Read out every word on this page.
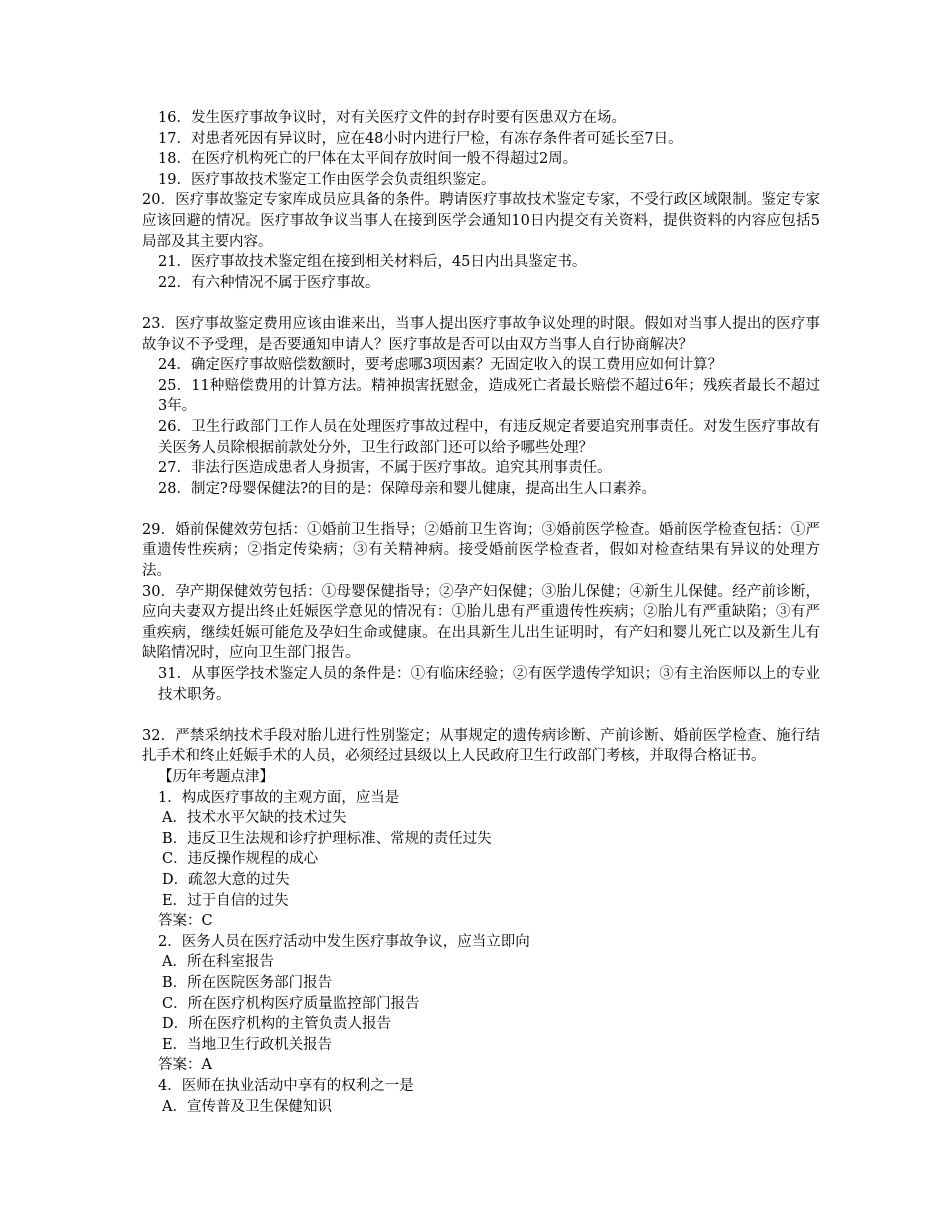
16．发生医疗事故争议时，对有关医疗文件的封存时要有医患双方在场。

17．对患者死因有异议时，应在48小时内进行尸检，有冻存条件者可延长至7日。

18．在医疗机构死亡的尸体在太平间存放时间一般不得超过2周。

19．医疗事故技术鉴定工作由医学会负责组织鉴定。

20．医疗事故鉴定专家库成员应具备的条件。聘请医疗事故技术鉴定专家，不受行政区域限制。鉴定专家应该回避的情况。医疗事故争议当事人在接到医学会通知10日内提交有关资料，提供资料的内容应包括5局部及其主要内容。

21．医疗事故技术鉴定组在接到相关材料后，45日内出具鉴定书。

22．有六种情况不属于医疗事故。

23．医疗事故鉴定费用应该由谁来出，当事人提出医疗事故争议处理的时限。假如对当事人提出的医疗事故争议不予受理，是否要通知申请人？医疗事故是否可以由双方当事人自行协商解决？

24．确定医疗事故赔偿数额时，要考虑哪3项因素？无固定收入的误工费用应如何计算？

25．11种赔偿费用的计算方法。精神损害抚慰金，造成死亡者最长赔偿不超过6年；残疾者最长不超过3年。

26．卫生行政部门工作人员在处理医疗事故过程中，有违反规定者要追究刑事责任。对发生医疗事故有关医务人员除根据前款处分外，卫生行政部门还可以给予哪些处理？

27．非法行医造成患者人身损害，不属于医疗事故。追究其刑事责任。

28．制定?母婴保健法?的目的是：保障母亲和婴儿健康，提高出生人口素养。

29．婚前保健效劳包括：①婚前卫生指导；②婚前卫生咨询；③婚前医学检查。婚前医学检查包括：①严重遗传性疾病；②指定传染病；③有关精神病。接受婚前医学检查者，假如对检查结果有异议的处理方法。

30．孕产期保健效劳包括：①母婴保健指导；②孕产妇保健；③胎儿保健；④新生儿保健。经产前诊断，应向夫妻双方提出终止妊娠医学意见的情况有：①胎儿患有严重遗传性疾病；②胎儿有严重缺陷；③有严重疾病，继续妊娠可能危及孕妇生命或健康。在出具新生儿出生证明时，有产妇和婴儿死亡以及新生儿有缺陷情况时，应向卫生部门报告。

31．从事医学技术鉴定人员的条件是：①有临床经验；②有医学遗传学知识；③有主治医师以上的专业技术职务。

32．严禁采纳技术手段对胎儿进行性别鉴定；从事规定的遗传病诊断、产前诊断、婚前医学检查、施行结扎手术和终止妊娠手术的人员，必须经过县级以上人民政府卫生行政部门考核，并取得合格证书。

【历年考题点津】

1．构成医疗事故的主观方面，应当是

A．技术水平欠缺的技术过失

B．违反卫生法规和诊疗护理标准、常规的责任过失

C．违反操作规程的成心

D．疏忽大意的过失

E．过于自信的过失

答案：C

2．医务人员在医疗活动中发生医疗事故争议，应当立即向

A．所在科室报告

B．所在医院医务部门报告

C．所在医疗机构医疗质量监控部门报告

D．所在医疗机构的主管负责人报告

E．当地卫生行政机关报告

答案：A

4．医师在执业活动中享有的权利之一是

A．宣传普及卫生保健知识
